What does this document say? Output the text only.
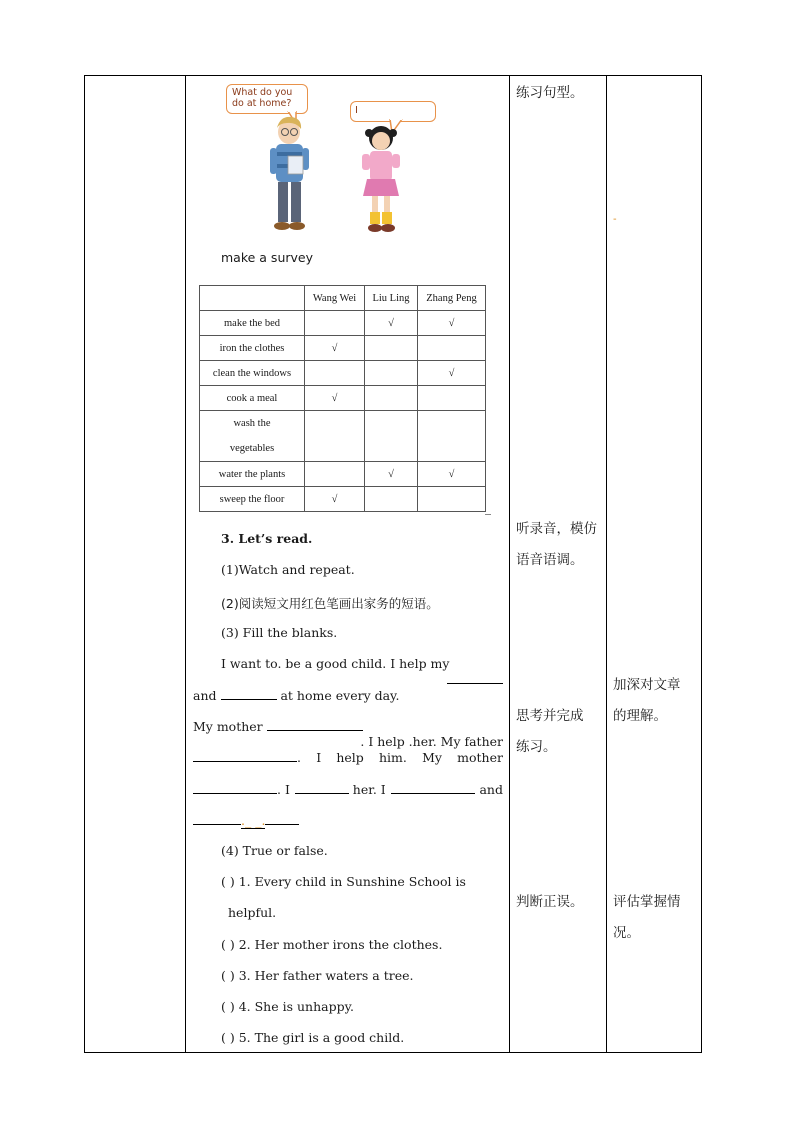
What do you do at home?
I
make a survey
	Wang Wei	Liu Ling	Zhang Peng
make the bed		√	√
iron the clothes	√		
clean the windows			√
cook a meal	√		

wash the
vegetables			

water the plants		√	√
sweep the floor	√		
3. Let’s read.
(1)Watch and repeat.
(2)阅读短文用红色笔画出家务的短语。
(3) Fill the blanks.
I want to. be a good child. I help my
and	at home every day.
My mother
. I help .her. My father
. I help him. My mother
. I	her. I	and
._ _.
(4) True or false.
( ) 1. Every child in Sunshine School is
helpful.
( ) 2. Her mother irons the clothes.
( ) 3. Her father waters a tree.
( ) 4. She is unhappy.
( ) 5. The girl is a good child.
练习句型。
听录音，模仿
语音语调。
思考并完成
练习。
判断正误。
-
加深对文章
的理解。
评估掌握情
况。
